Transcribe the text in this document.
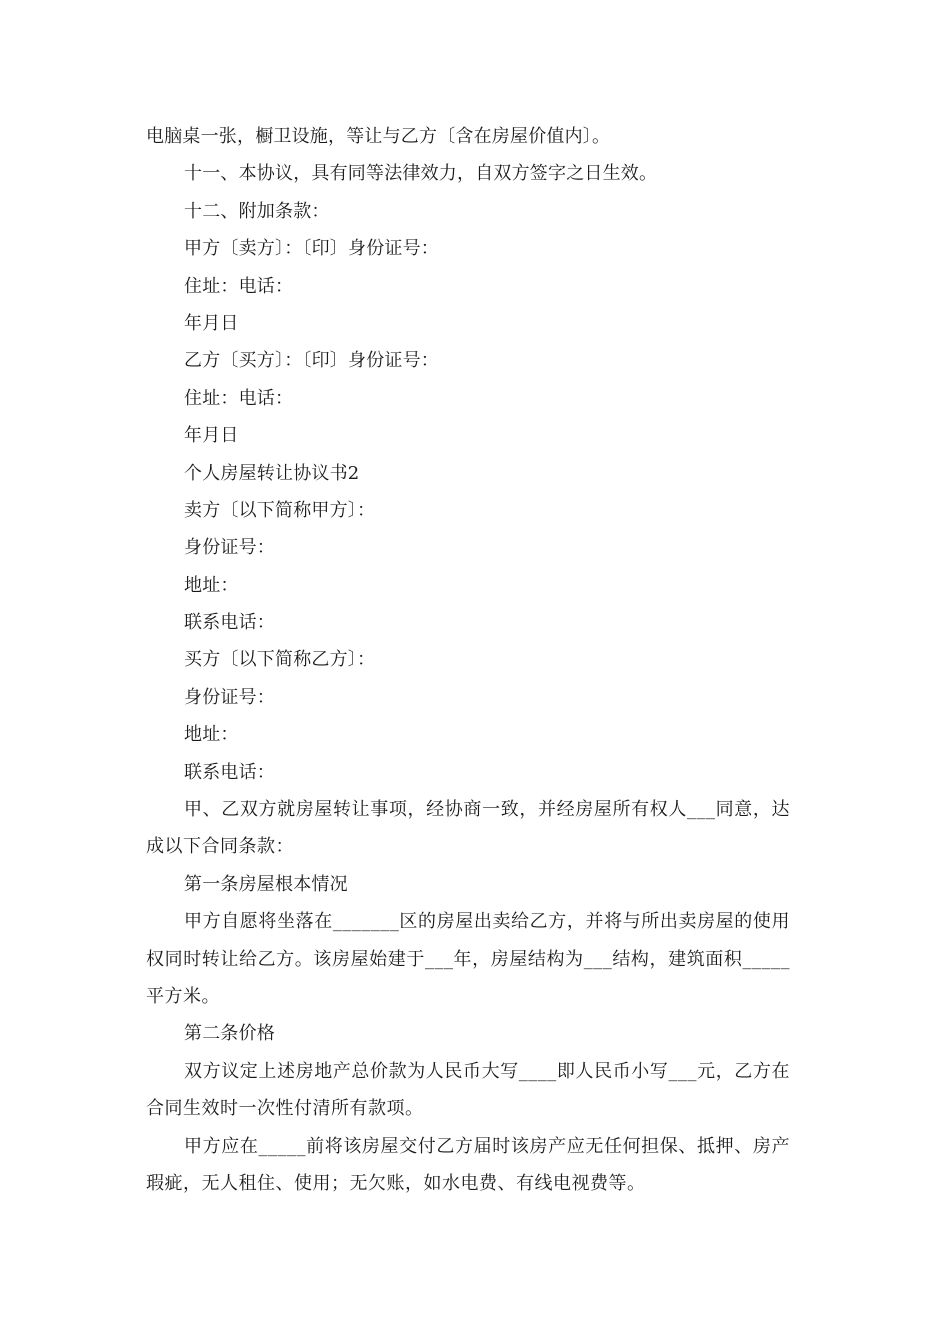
电脑桌一张，橱卫设施，等让与乙方〔含在房屋价值内〕。
十一、本协议，具有同等法律效力，自双方签字之日生效。
十二、附加条款：
甲方〔卖方〕：〔印〕身份证号：
住址：电话：
年月日
乙方〔买方〕：〔印〕身份证号：
住址：电话：
年月日
个人房屋转让协议书2
卖方〔以下简称甲方〕：
身份证号：
地址：
联系电话：
买方〔以下简称乙方〕：
身份证号：
地址：
联系电话：
甲、乙双方就房屋转让事项，经协商一致，并经房屋所有权人___同意，达成以下合同条款：
第一条房屋根本情况
甲方自愿将坐落在_______区的房屋出卖给乙方，并将与所出卖房屋的使用权同时转让给乙方。该房屋始建于___年，房屋结构为___结构，建筑面积_____平方米。
第二条价格
双方议定上述房地产总价款为人民币大写____即人民币小写___元，乙方在合同生效时一次性付清所有款项。
甲方应在_____前将该房屋交付乙方届时该房产应无任何担保、抵押、房产瑕疵，无人租住、使用；无欠账，如水电费、有线电视费等。
